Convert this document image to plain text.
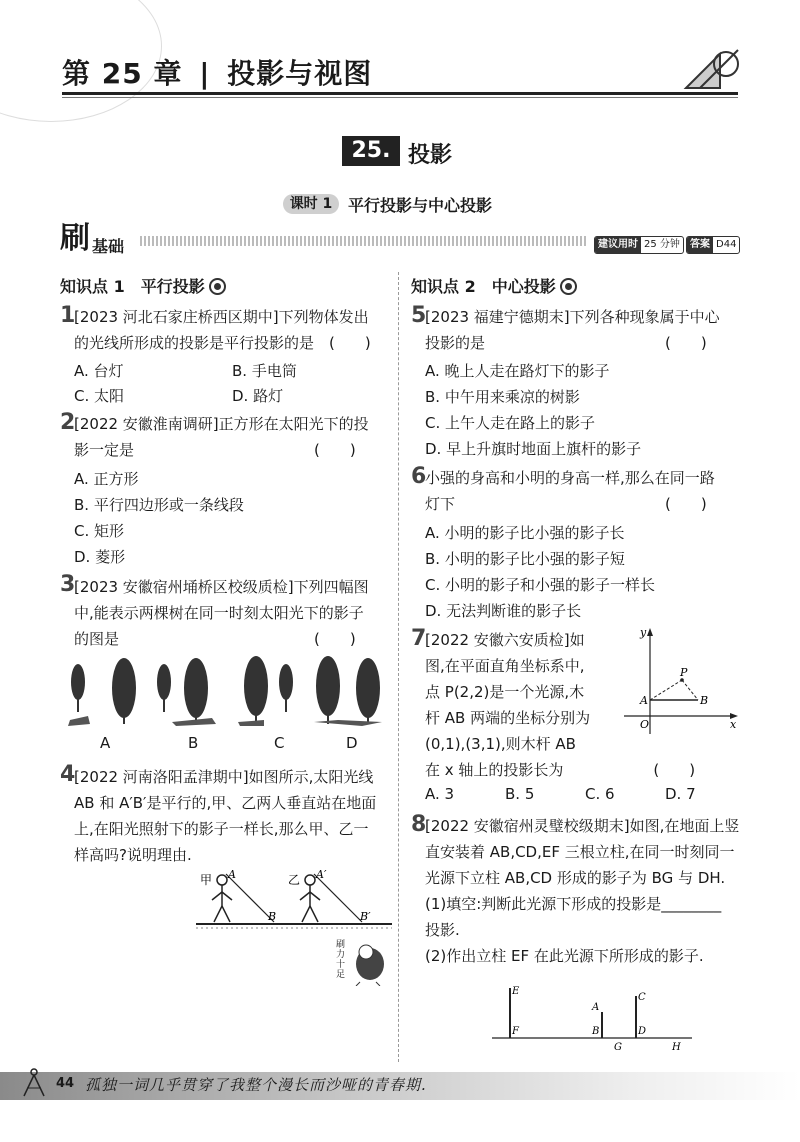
第 25 章 | 投影与视图
25. 1
投影
课时 1 平行投影与中心投影
刷 基础	建议用时 25 分钟	答案 D44
知识点 1　平行投影
1
[2023 河北石家庄桥西区期中]下列物体发出
的光线所形成的投影是平行投影的是　(　　)
A. 台灯	B. 手电筒
C. 太阳	D. 路灯
2
[2022 安徽淮南调研]正方形在太阳光下的投
影一定是　　　　　　　　　　　　(　　)
A. 正方形
B. 平行四边形或一条线段
C. 矩形
D. 菱形
3
[2023 安徽宿州埇桥区校级质检]下列四幅图
中,能表示两棵树在同一时刻太阳光下的影子
的图是　　　　　　　　　　　　　(　　)
A	B	C	D
4
[2022 河南洛阳孟津期中]如图所示,太阳光线
AB 和 A′B′是平行的,甲、乙两人垂直站在地面
上,在阳光照射下的影子一样长,那么甲、乙一
样高吗?说明理由.
甲 A
B
乙 A′
B′
刷力十足
知识点 2　中心投影
5
[2023 福建宁德期末]下列各种现象属于中心
投影的是　　　　　　　　　　　　(　　)
A. 晚上人走在路灯下的影子
B. 中午用来乘凉的树影
C. 上午人走在路上的影子
D. 早上升旗时地面上旗杆的影子
6
小强的身高和小明的身高一样,那么在同一路
灯下　　　　　　　　　　　　　　(　　)
A. 小明的影子比小强的影子长
B. 小明的影子比小强的影子短
C. 小明的影子和小强的影子一样长
D. 无法判断谁的影子长
7
[2022 安徽六安质检]如
图,在平面直角坐标系中,
点 P(2,2)是一个光源,木
杆 AB 两端的坐标分别为
(0,1),(3,1),则木杆 AB
在 x 轴上的投影长为　　　　　　(　　)
A. 3	B. 5	C. 6	D. 7
y
x
O
P
A	B
8
[2022 安徽宿州灵璧校级期末]如图,在地面上竖
直安装着 AB,CD,EF 三根立柱,在同一时刻同一
光源下立柱 AB,CD 形成的影子为 BG 与 DH.
(1)填空:判断此光源下形成的投影是________
投影.
(2)作出立柱 EF 在此光源下所形成的影子.
E
F
A
B
C
D
G	H
44 孤独一词几乎贯穿了我整个漫长而沙哑的青春期.
